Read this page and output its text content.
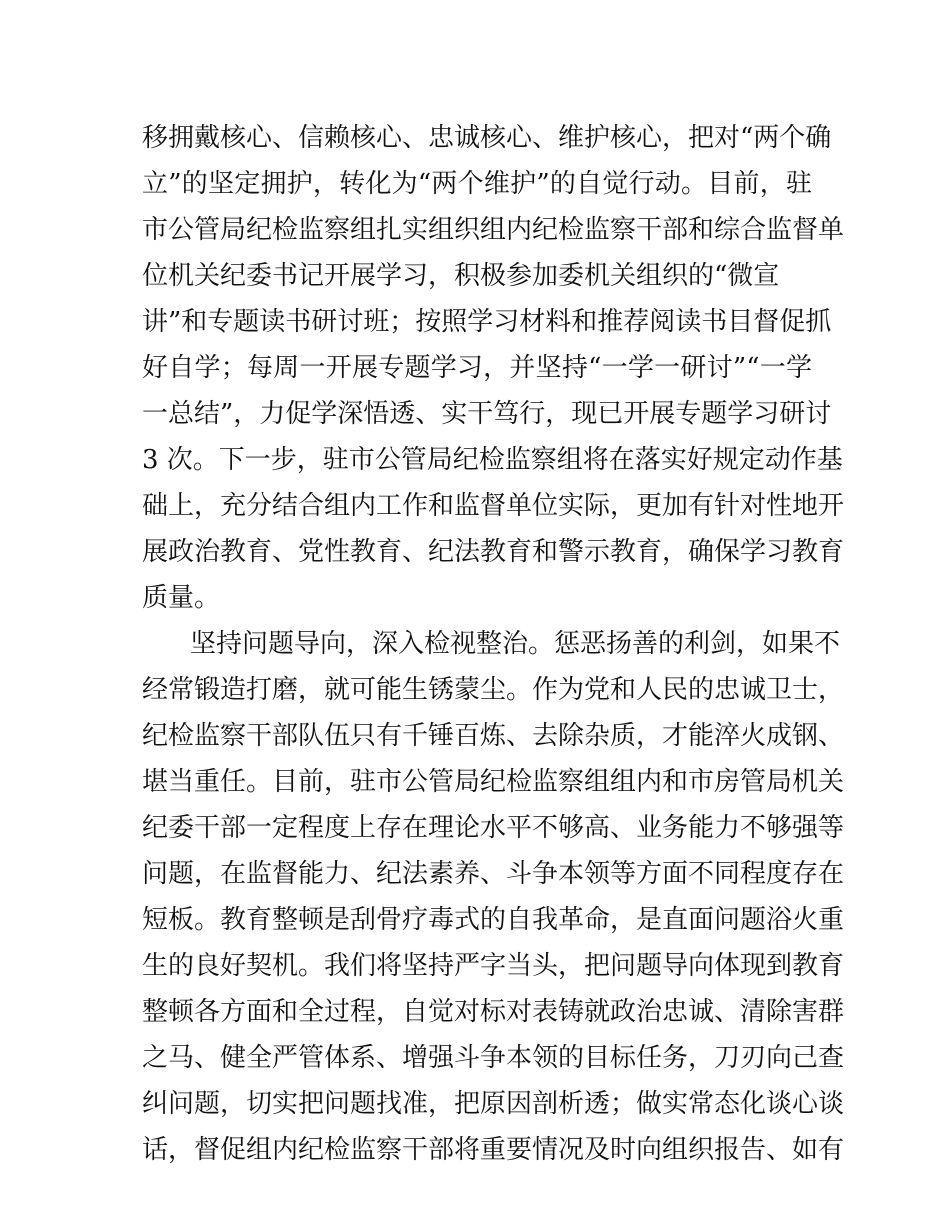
移拥戴核心、信赖核心、忠诚核心、维护核心，把对“两个确
立”的坚定拥护，转化为“两个维护”的自觉行动。目前，驻
市公管局纪检监察组扎实组织组内纪检监察干部和综合监督单
位机关纪委书记开展学习，积极参加委机关组织的“微宣
讲”和专题读书研讨班；按照学习材料和推荐阅读书目督促抓
好自学；每周一开展专题学习，并坚持“一学一研讨”“一学
一总结”，力促学深悟透、实干笃行，现已开展专题学习研讨
3 次。下一步，驻市公管局纪检监察组将在落实好规定动作基
础上，充分结合组内工作和监督单位实际，更加有针对性地开
展政治教育、党性教育、纪法教育和警示教育，确保学习教育
质量。
坚持问题导向，深入检视整治。惩恶扬善的利剑，如果不
经常锻造打磨，就可能生锈蒙尘。作为党和人民的忠诚卫士，
纪检监察干部队伍只有千锤百炼、去除杂质，才能淬火成钢、
堪当重任。目前，驻市公管局纪检监察组组内和市房管局机关
纪委干部一定程度上存在理论水平不够高、业务能力不够强等
问题，在监督能力、纪法素养、斗争本领等方面不同程度存在
短板。教育整顿是刮骨疗毒式的自我革命，是直面问题浴火重
生的良好契机。我们将坚持严字当头，把问题导向体现到教育
整顿各方面和全过程，自觉对标对表铸就政治忠诚、清除害群
之马、健全严管体系、增强斗争本领的目标任务，刀刃向己查
纠问题，切实把问题找准，把原因剖析透；做实常态化谈心谈
话，督促组内纪检监察干部将重要情况及时向组织报告、如有
